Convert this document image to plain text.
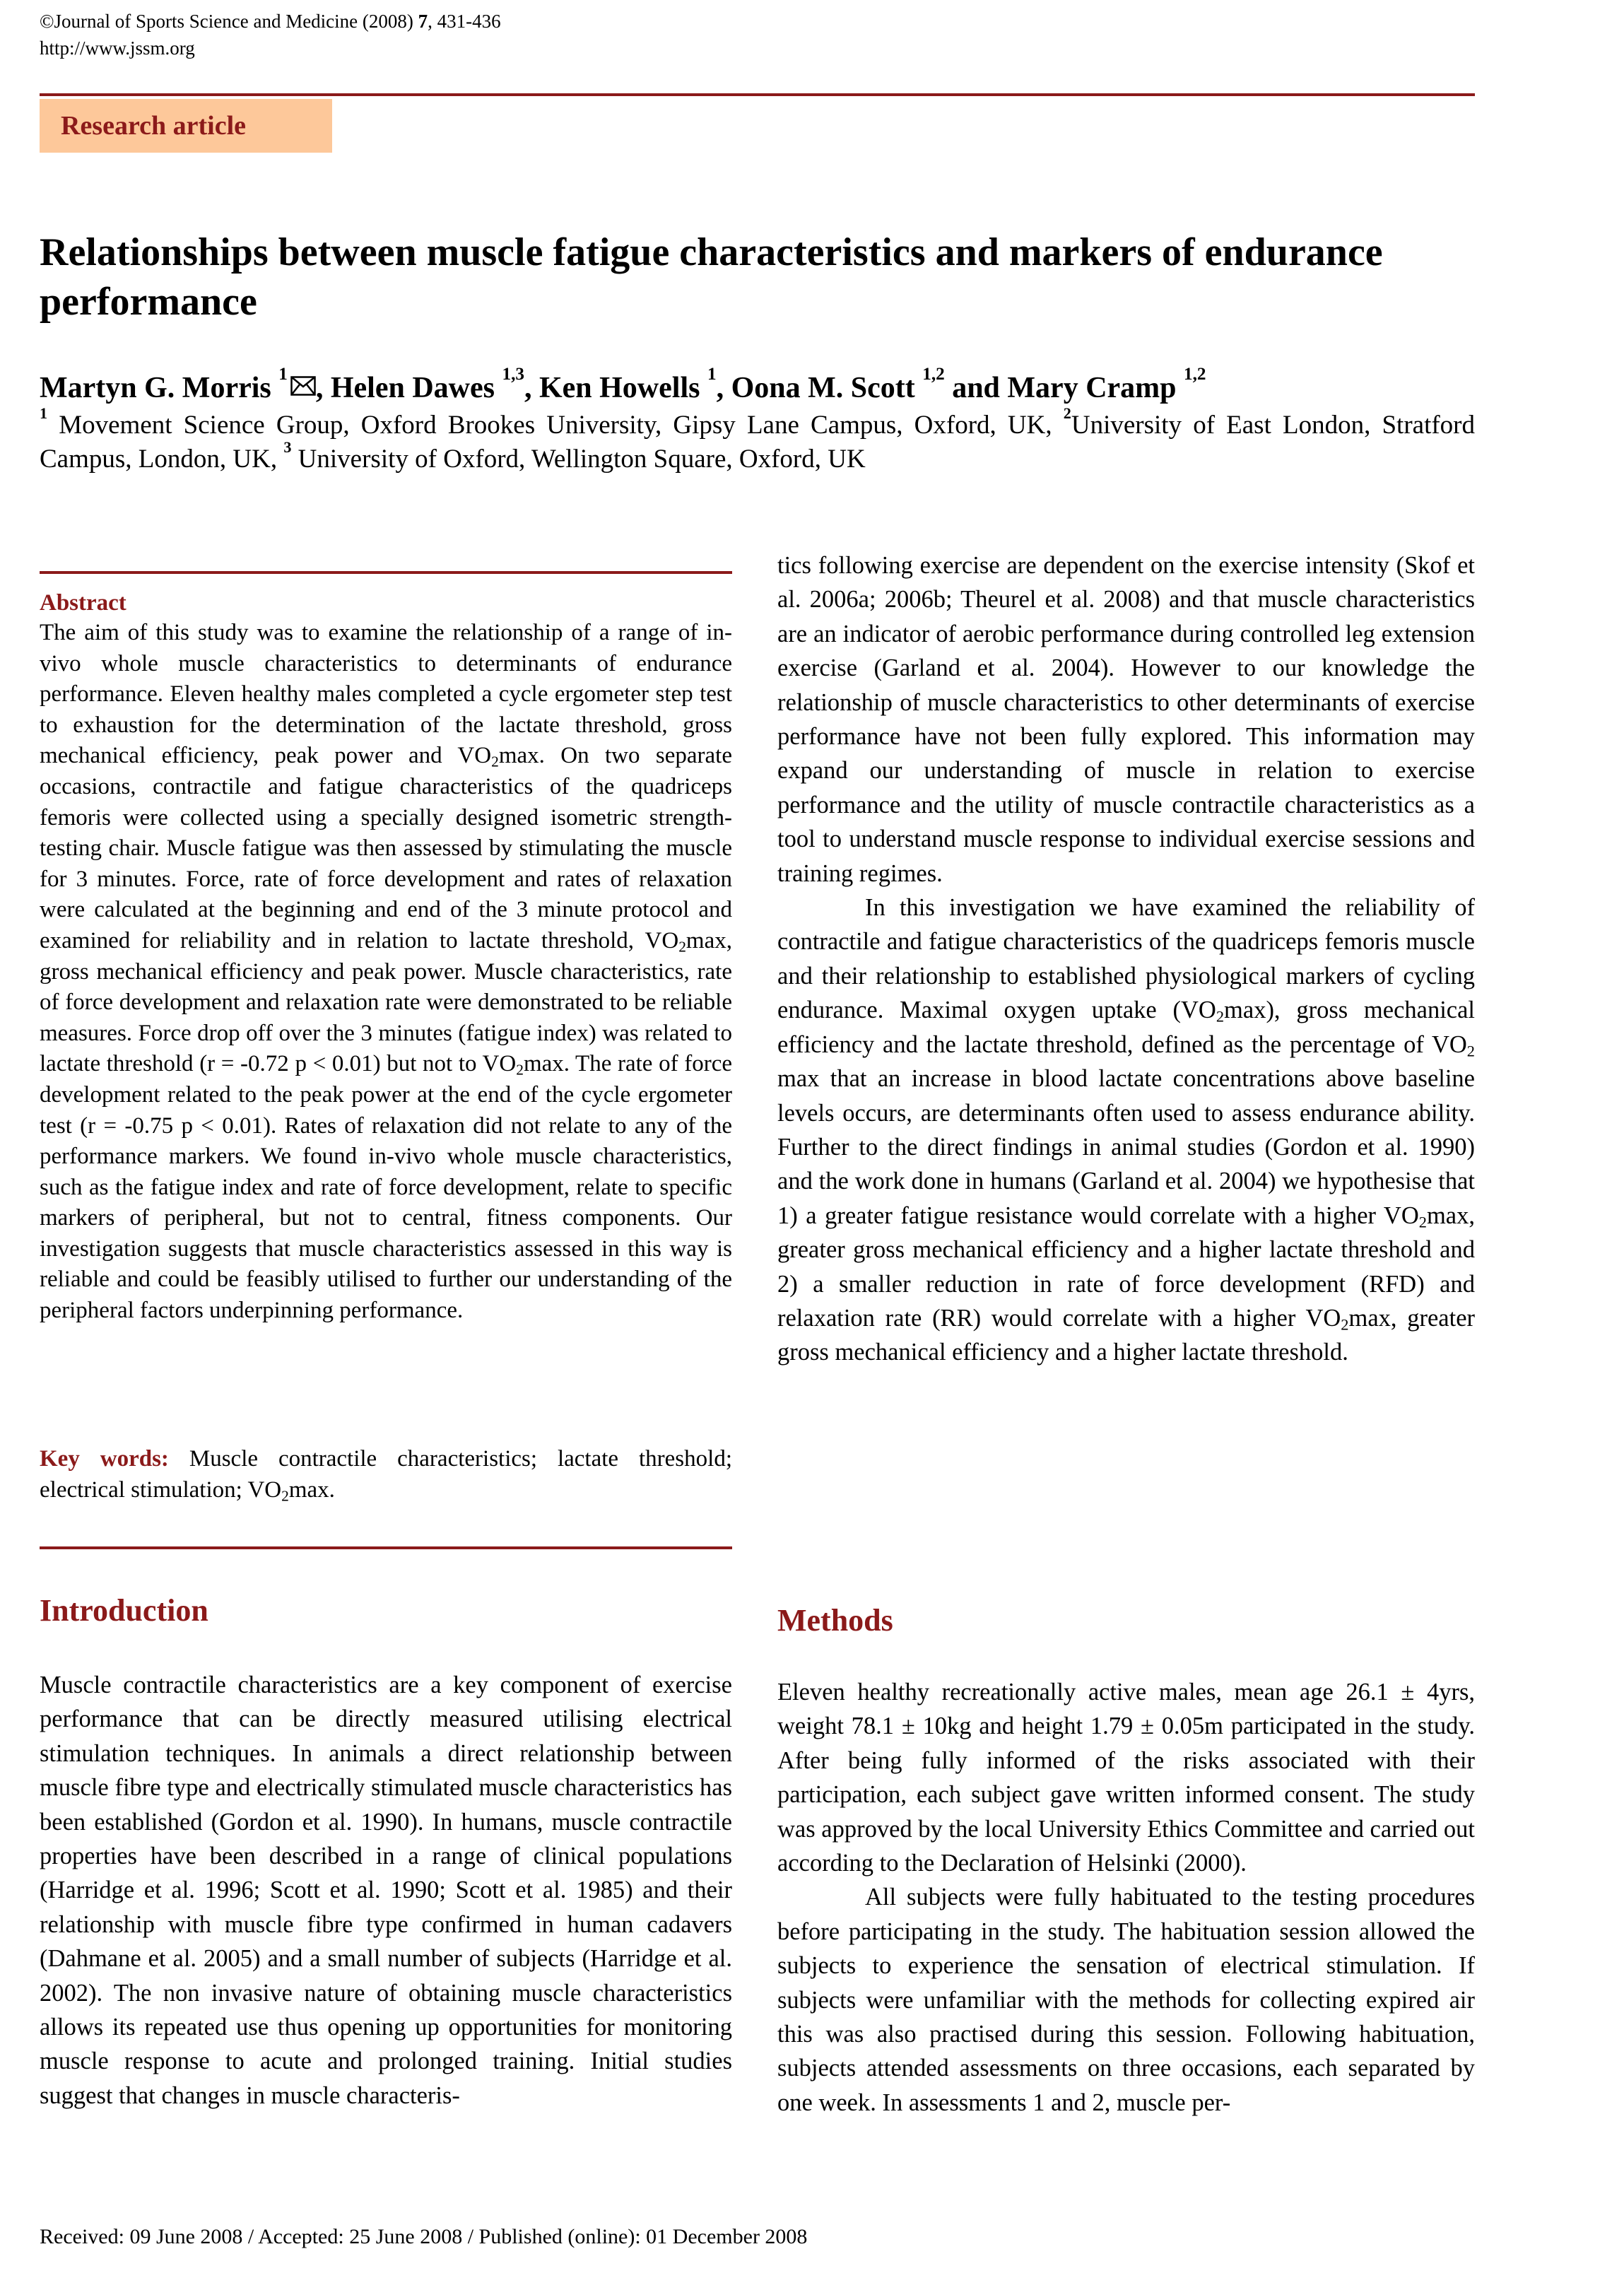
©Journal of Sports Science and Medicine (2008) 7, 431-436
http://www.jssm.org
Research article
Relationships between muscle fatigue characteristics and markers of endurance performance
Martyn G. Morris $^1$ , Helen Dawes $^{1,3}$, Ken Howells $^1$, Oona M. Scott $^{1,2}$ and Mary Cramp $^{1,2}$
$^1$ Movement Science Group, Oxford Brookes University, Gipsy Lane Campus, Oxford, UK, $^2$University of East London, Stratford Campus, London, UK, $^3$ University of Oxford, Wellington Square, Oxford, UK
Abstract
The aim of this study was to examine the relationship of a range of in-vivo whole muscle characteristics to determinants of endurance performance. Eleven healthy males completed a cycle ergometer step test to exhaustion for the determination of the lactate threshold, gross mechanical efficiency, peak power and $VO_2\max$. On two separate occasions, contractile and fatigue characteristics of the quadriceps femoris were collected using a specially designed isometric strength-testing chair. Muscle fatigue was then assessed by stimulating the muscle for 3 minutes. Force, rate of force development and rates of relaxation were calculated at the beginning and end of the 3 minute protocol and examined for reliability and in relation to lactate threshold, $VO_2\max$, gross mechanical efficiency and peak power. Muscle characteristics, rate of force development and relaxation rate were demonstrated to be reliable measures. Force drop off over the 3 minutes (fatigue index) was related to lactate threshold (r = -0.72 p < 0.01) but not to $VO_2\max$. The rate of force development related to the peak power at the end of the cycle ergometer test (r = -0.75 p < 0.01). Rates of relaxation did not relate to any of the performance markers. We found in-vivo whole muscle characteristics, such as the fatigue index and rate of force development, relate to specific markers of peripheral, but not to central, fitness components. Our investigation suggests that muscle characteristics assessed in this way is reliable and could be feasibly utilised to further our understanding of the peripheral factors underpinning performance.
Key words: Muscle contractile characteristics; lactate threshold; electrical stimulation; $VO_2\max$.
Introduction

Muscle contractile characteristics are a key component of exercise performance that can be directly measured utilising electrical stimulation techniques. In animals a direct relationship between muscle fibre type and electrically stimulated muscle characteristics has been established (Gordon et al. 1990). In humans, muscle contractile properties have been described in a range of clinical populations (Harridge et al. 1996; Scott et al. 1990; Scott et al. 1985) and their relationship with muscle fibre type confirmed in human cadavers (Dahmane et al. 2005) and a small number of subjects (Harridge et al. 2002). The non invasive nature of obtaining muscle characteristics allows its repeated use thus opening up opportunities for monitoring muscle response to acute and prolonged training. Initial studies suggest that changes in muscle characteris-

tics following exercise are dependent on the exercise intensity (Skof et al. 2006a; 2006b; Theurel et al. 2008) and that muscle characteristics are an indicator of aerobic performance during controlled leg extension exercise (Garland et al. 2004). However to our knowledge the relationship of muscle characteristics to other determinants of exercise performance have not been fully explored. This information may expand our understanding of muscle in relation to exercise performance and the utility of muscle contractile characteristics as a tool to understand muscle response to individual exercise sessions and training regimes.

In this investigation we have examined the reliability of contractile and fatigue characteristics of the quadriceps femoris muscle and their relationship to established physiological markers of cycling endurance. Maximal oxygen uptake $(VO_2\max)$, gross mechanical efficiency and the lactate threshold, defined as the percentage of $VO_2$ max that an increase in blood lactate concentrations above baseline levels occurs, are determinants often used to assess endurance ability. Further to the direct findings in animal studies (Gordon et al. 1990) and the work done in humans (Garland et al. 2004) we hypothesise that 1) a greater fatigue resistance would correlate with a higher $VO_2\max$, greater gross mechanical efficiency and a higher lactate threshold and 2) a smaller reduction in rate of force development (RFD) and relaxation rate (RR) would correlate with a higher $VO_2\max$, greater gross mechanical efficiency and a higher lactate threshold.

Methods

Eleven healthy recreationally active males, mean age 26.1 ± 4yrs, weight 78.1 ± 10kg and height 1.79 ± 0.05m participated in the study. After being fully informed of the risks associated with their participation, each subject gave written informed consent. The study was approved by the local University Ethics Committee and carried out according to the Declaration of Helsinki (2000).

All subjects were fully habituated to the testing procedures before participating in the study. The habituation session allowed the subjects to experience the sensation of electrical stimulation. If subjects were unfamiliar with the methods for collecting expired air this was also practised during this session. Following habituation, subjects attended assessments on three occasions, each separated by one week. In assessments 1 and 2, muscle per-

Received: 09 June 2008 / Accepted: 25 June 2008 / Published (online): 01 December 2008
